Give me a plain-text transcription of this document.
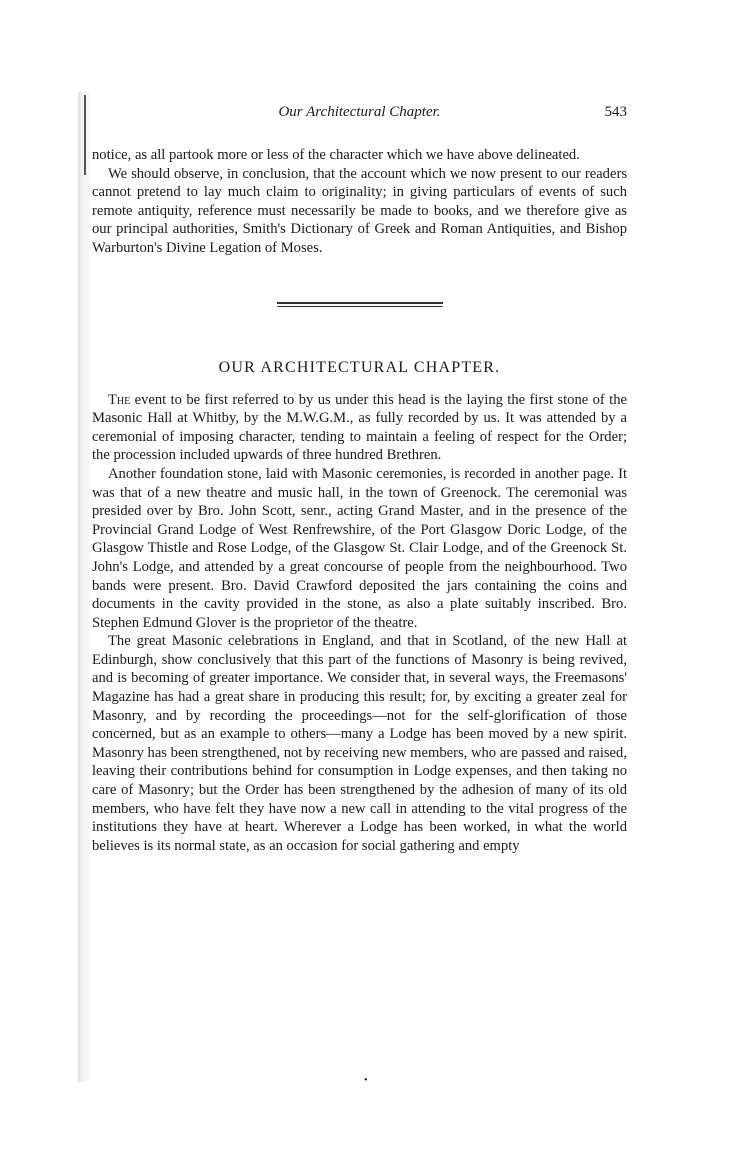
Our Architectural Chapter.	543

notice, as all partook more or less of the character which we have above delineated.

We should observe, in conclusion, that the account which we now present to our readers cannot pretend to lay much claim to originality; in giving particulars of events of such remote antiquity, reference must necessarily be made to books, and we therefore give as our principal authorities, Smith's Dictionary of Greek and Roman Antiquities, and Bishop Warburton's Divine Legation of Moses.

OUR ARCHITECTURAL CHAPTER.

The event to be first referred to by us under this head is the laying the first stone of the Masonic Hall at Whitby, by the M.W.G.M., as fully recorded by us. It was attended by a ceremonial of imposing character, tending to maintain a feeling of respect for the Order; the procession included upwards of three hundred Brethren.

Another foundation stone, laid with Masonic ceremonies, is recorded in another page. It was that of a new theatre and music hall, in the town of Greenock. The ceremonial was presided over by Bro. John Scott, senr., acting Grand Master, and in the presence of the Provincial Grand Lodge of West Renfrewshire, of the Port Glasgow Doric Lodge, of the Glasgow Thistle and Rose Lodge, of the Glasgow St. Clair Lodge, and of the Greenock St. John's Lodge, and attended by a great concourse of people from the neighbourhood. Two bands were present. Bro. David Crawford deposited the jars containing the coins and documents in the cavity provided in the stone, as also a plate suitably inscribed. Bro. Stephen Edmund Glover is the proprietor of the theatre.

The great Masonic celebrations in England, and that in Scotland, of the new Hall at Edinburgh, show conclusively that this part of the functions of Masonry is being revived, and is becoming of greater importance. We consider that, in several ways, the Freemasons' Magazine has had a great share in producing this result; for, by exciting a greater zeal for Masonry, and by recording the proceedings—not for the self-glorification of those concerned, but as an example to others—many a Lodge has been moved by a new spirit. Masonry has been strengthened, not by receiving new members, who are passed and raised, leaving their contributions behind for consumption in Lodge expenses, and then taking no care of Masonry; but the Order has been strengthened by the adhesion of many of its old members, who have felt they have now a new call in attending to the vital progress of the institutions they have at heart. Wherever a Lodge has been worked, in what the world believes is its normal state, as an occasion for social gathering and empty

•
